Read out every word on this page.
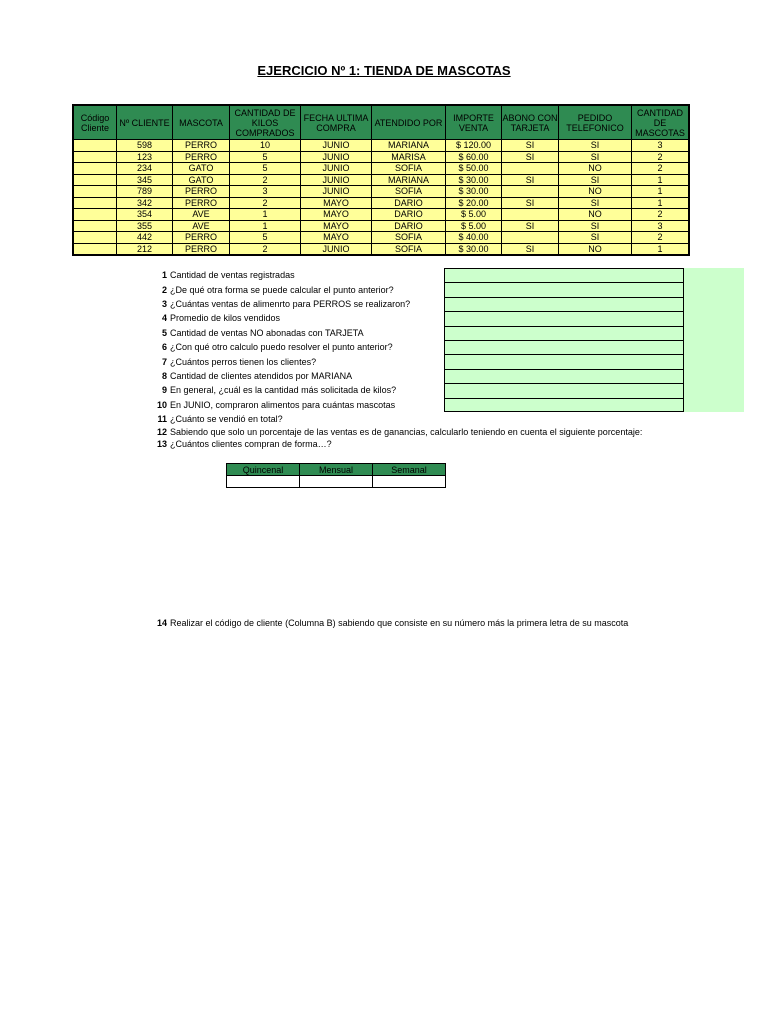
EJERCICIO Nº 1: TIENDA DE MASCOTAS
Código Cliente	Nº CLIENTE	MASCOTA	CANTIDAD DE KILOS COMPRADOS	FECHA ULTIMA COMPRA	ATENDIDO POR	IMPORTE VENTA	ABONO CON TARJETA	PEDIDO TELEFONICO	CANTIDAD DE MASCOTAS
	598	PERRO	10	JUNIO	MARIANA	$ 120.00	SI	SI	3
	123	PERRO	5	JUNIO	MARISA	$ 60.00	SI	SI	2
	234	GATO	5	JUNIO	SOFIA	$ 50.00		NO	2
	345	GATO	2	JUNIO	MARIANA	$ 30.00	SI	SI	1
	789	PERRO	3	JUNIO	SOFIA	$ 30.00		NO	1
	342	PERRO	2	MAYO	DARIO	$ 20.00	SI	SI	1
	354	AVE	1	MAYO	DARIO	$ 5.00		NO	2
	355	AVE	1	MAYO	DARIO	$ 5.00	SI	SI	3
	442	PERRO	5	MAYO	SOFIA	$ 40.00		SI	2
	212	PERRO	2	JUNIO	SOFIA	$ 30.00	SI	NO	1
1 Cantidad de ventas registradas
2 ¿De qué otra forma se puede calcular el punto anterior?
3 ¿Cuántas ventas de alimenrto para PERROS se realizaron?
4 Promedio de kilos vendidos
5 Cantidad de ventas NO abonadas con TARJETA
6 ¿Con qué otro calculo puedo resolver el punto anterior?
7 ¿Cuántos perros tienen los clientes?
8 Cantidad de clientes atendidos por MARIANA
9 En general, ¿cuál es la cantidad más solicitada de kilos?
10 En JUNIO, compraron alimentos para cuántas mascotas
11 ¿Cuánto se vendió en total?
12 Sabiendo que solo un porcentaje de las ventas es de ganancias, calcularlo teniendo en cuenta el siguiente porcentaje:
13 ¿Cuántos clientes compran de forma…?
Quincenal	Mensual	Semanal

14 Realizar el código de cliente (Columna B) sabiendo que consiste en su número más la primera letra de su mascota
